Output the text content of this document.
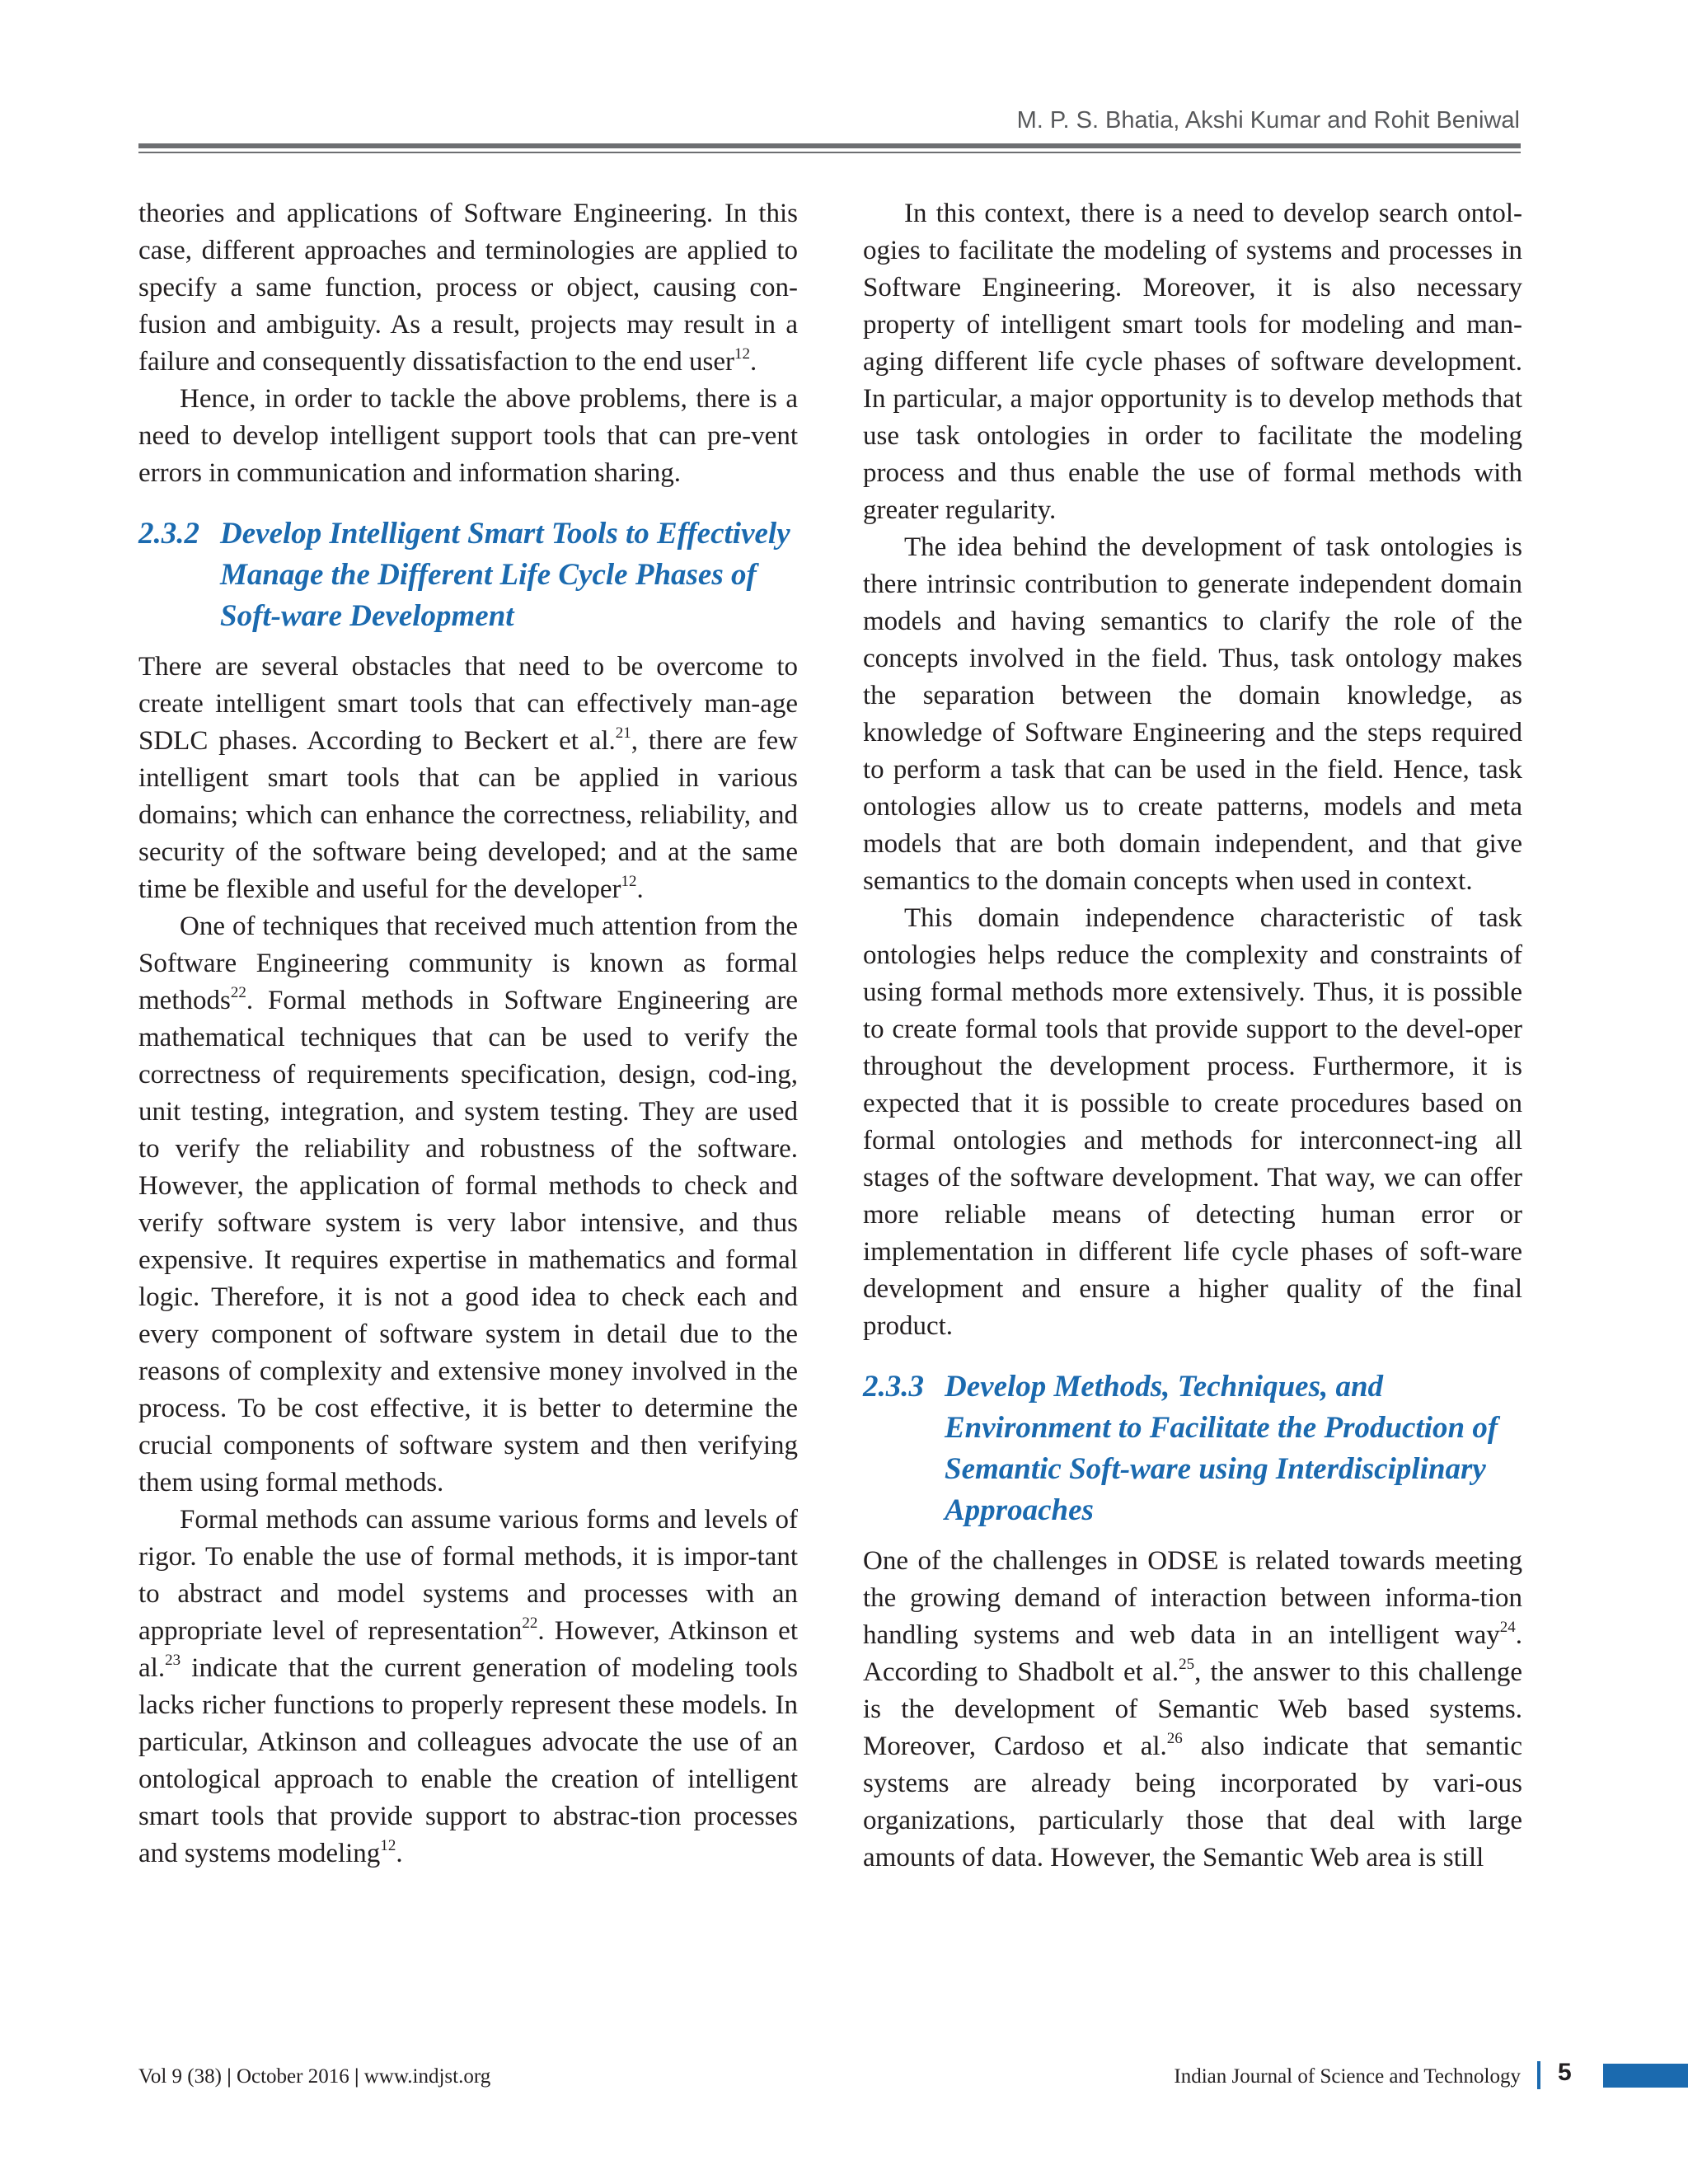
M. P. S. Bhatia, Akshi Kumar and Rohit Beniwal

theories and applications of Software Engineering. In this case, different approaches and terminologies are applied to specify a same function, process or object, causing con-fusion and ambiguity. As a result, projects may result in a failure and consequently dissatisfaction to the end user$^{12}$.

Hence, in order to tackle the above problems, there is a need to develop intelligent support tools that can pre-vent errors in communication and information sharing.

2.3.2 Develop Intelligent Smart Tools to Effectively Manage the Different Life Cycle Phases of Soft-ware Development

There are several obstacles that need to be overcome to create intelligent smart tools that can effectively man-age SDLC phases. According to Beckert et al.$^{21}$, there are few intelligent smart tools that can be applied in various domains; which can enhance the correctness, reliability, and security of the software being developed; and at the same time be flexible and useful for the developer$^{12}$.

One of techniques that received much attention from the Software Engineering community is known as formal methods$^{22}$. Formal methods in Software Engineering are mathematical techniques that can be used to verify the correctness of requirements specification, design, cod-ing, unit testing, integration, and system testing. They are used to verify the reliability and robustness of the software. However, the application of formal methods to check and verify software system is very labor intensive, and thus expensive. It requires expertise in mathematics and formal logic. Therefore, it is not a good idea to check each and every component of software system in detail due to the reasons of complexity and extensive money involved in the process. To be cost effective, it is better to determine the crucial components of software system and then verifying them using formal methods.

Formal methods can assume various forms and levels of rigor. To enable the use of formal methods, it is impor-tant to abstract and model systems and processes with an appropriate level of representation$^{22}$. However, Atkinson et al.$^{23}$ indicate that the current generation of modeling tools lacks richer functions to properly represent these models. In particular, Atkinson and colleagues advocate the use of an ontological approach to enable the creation of intelligent smart tools that provide support to abstrac-tion processes and systems modeling$^{12}$.

In this context, there is a need to develop search ontol-ogies to facilitate the modeling of systems and processes in Software Engineering. Moreover, it is also necessary property of intelligent smart tools for modeling and man-aging different life cycle phases of software development. In particular, a major opportunity is to develop methods that use task ontologies in order to facilitate the modeling process and thus enable the use of formal methods with greater regularity.

The idea behind the development of task ontologies is there intrinsic contribution to generate independent domain models and having semantics to clarify the role of the concepts involved in the field. Thus, task ontology makes the separation between the domain knowledge, as knowledge of Software Engineering and the steps required to perform a task that can be used in the field. Hence, task ontologies allow us to create patterns, models and meta models that are both domain independent, and that give semantics to the domain concepts when used in context.

This domain independence characteristic of task ontologies helps reduce the complexity and constraints of using formal methods more extensively. Thus, it is possible to create formal tools that provide support to the devel-oper throughout the development process. Furthermore, it is expected that it is possible to create procedures based on formal ontologies and methods for interconnect-ing all stages of the software development. That way, we can offer more reliable means of detecting human error or implementation in different life cycle phases of soft-ware development and ensure a higher quality of the final product.

2.3.3 Develop Methods, Techniques, and Environment to Facilitate the Production of Semantic Soft-ware using Interdisciplinary Approaches

One of the challenges in ODSE is related towards meeting the growing demand of interaction between informa-tion handling systems and web data in an intelligent way$^{24}$. According to Shadbolt et al.$^{25}$, the answer to this challenge is the development of Semantic Web based systems. Moreover, Cardoso et al.$^{26}$ also indicate that semantic systems are already being incorporated by vari-ous organizations, particularly those that deal with large amounts of data. However, the Semantic Web area is still

Vol 9 (38) | October 2016 | www.indjst.org	Indian Journal of Science and Technology 5
